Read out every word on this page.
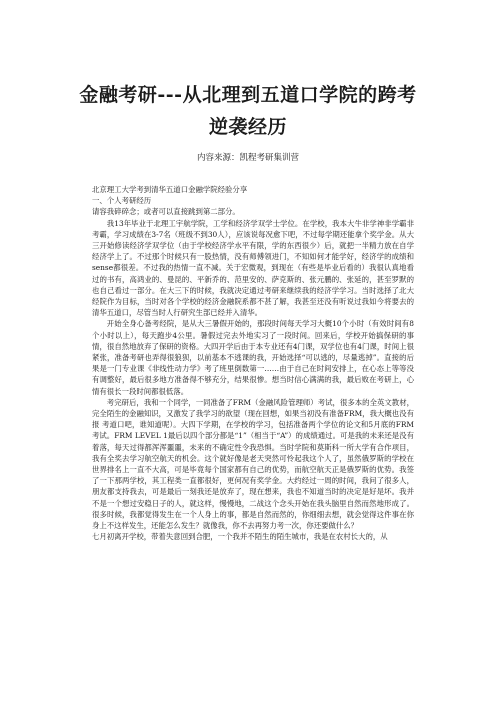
金融考研---从北理到五道口学院的跨考
逆袭经历

内容来源：凯程考研集训营

北京理工大学考到清华五道口金融学院经验分享

一、个人考研经历

请容我碎碎念；或者可以直接跳到第二部分。

我13年毕业于北理工宇航学院，工学和经济学双学士学位。在学校，我本大牛非学神非学霸非考霸，学习成绩在3-7名（班级不到30人），应该说每况愈下吧，不过每学期还能拿个奖学金。从大三开始修读经济学双学位（由于学校经济学水平有限，学的东西很少）后，就把一半精力放在自学经济学上了。不过那个时候只有一股热情，没有师傅领进门，不知如何才能学好，经济学的成绩和sense都很差。不过我的热情一直不减。关于宏微观，到现在（有些是毕业后看的）我很认真地看过的书有，高鸿业的、曼昆的、平新乔的、范里安的、萨克斯的、张元鹏的、张延的，甚至罗默的也自己看过一部分。在大三下的时候，我就决定通过考研来继续我的经济学学习。当时选择了北大经院作为目标，当时对各个学校的经济金融院系都不甚了解，我甚至还没有听说过我如今将要去的清华五道口，尽管当时人行研究生部已经并入清华。

开始全身心备考经院，是从大三暑假开始的，那段时间每天学习大概10个小时（有效时间有8个小时以上），每天跑步4公里。暑假过完去外地实习了一段时间。回来后，学校开始搞保研的事情，很自然地放弃了保研的资格。大四开学后由于本专业还有4门课，双学位也有4门课，时间上很紧张，准备考研也弄得很狼狈，以前基本不逃课的我，开始选择“可以逃的，尽量逃掉”。直接的后果是一门专业课《非线性动力学》考了班里倒数第一……由于自己在时间安排上，在心态上等等没有调整好，最后很多地方准备得不够充分，结果很惨。想当时信心满满的我，最后败在考研上，心情有很长一段时间都很低落。

考完研后，我和一个同学，一同准备了FRM（金融风险管理师）考试，很多本的全英文教材，完全陌生的金融知识，又激发了我学习的欲望（现在回想，如果当初没有准备FRM，我大概也没有报 考道口吧，谁知道呢）。大四下学期，在学校的学习，包括准备两个学位的论文和5月底的FRM考试。FRM LEVEL 1最后以四个部分都是“1”（相当于“A”）的成绩通过。可是我的未来还是没有着落，每天过得都浑浑噩噩，未来的不确定性令我恐惧。当时学院和莫斯科一所大学有合作项目，我有全奖去学习航空航天的机会。这个就好像是老天突然可怜起我这个人了，虽然俄罗斯的学校在世界排名上一直不大高，可是毕竟每个国家都有自己的优势，而航空航天正是俄罗斯的优势。我签了一下那两学校，其工程类一直都很好，更何况有奖学金。大约经过一周的时间，我问了很多人，朋友都支持我去，可是最后一刻我还是放弃了，现在想来，我也不知道当时的决定是好是坏。我并不是一个想过安稳日子的人，就这样，慢慢地，二战这个念头开始在我头脑里自然而然地形成了。很多时候，我都觉得发生在一个人身上的事，都是自然而然的，你细细去想，就会觉得这件事在你身上不这样发生，还能怎么发生？就像我，你不去再努力考一次，你还要做什么？

七月初离开学校，带着失意回到合肥，一个我并不陌生的陌生城市，我是在农村长大的，从
